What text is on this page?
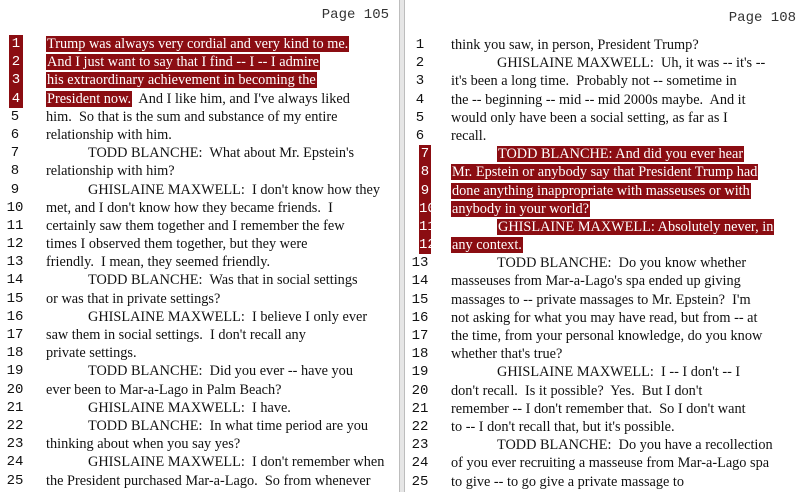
Page 105
1 Trump was always very cordial and very kind to me.
2 And I just want to say that I find -- I -- I admire
3 his extraordinary achievement in becoming the
4 President now.  And I like him, and I've always liked
5	him.  So that is the sum and substance of my entire
6	relationship with him.
7	TODD BLANCHE:  What about Mr. Epstein's
8	relationship with him?
9	GHISLAINE MAXWELL:  I don't know how they
10	met, and I don't know how they became friends.  I
11	certainly saw them together and I remember the few
12	times I observed them together, but they were
13	friendly.  I mean, they seemed friendly.
14	TODD BLANCHE:  Was that in social settings
15	or was that in private settings?
16	GHISLAINE MAXWELL:  I believe I only ever
17	saw them in social settings.  I don't recall any
18	private settings.
19	TODD BLANCHE:  Did you ever -- have you
20	ever been to Mar-a-Lago in Palm Beach?
21	GHISLAINE MAXWELL:  I have.
22	TODD BLANCHE:  In what time period are you
23	thinking about when you say yes?
24	GHISLAINE MAXWELL:  I don't remember when
25	the President purchased Mar-a-Lago.  So from whenever
Page 108
1	think you saw, in person, President Trump?
2	GHISLAINE MAXWELL:  Uh, it was -- it's --
3	it's been a long time.  Probably not -- sometime in
4	the -- beginning -- mid -- mid 2000s maybe.  And it
5	would only have been a social setting, as far as I
6	recall.
7	TODD BLANCHE: And did you ever hear
8 Mr. Epstein or anybody say that President Trump had
9 done anything inappropriate with masseuses or with
10 anybody in your world?
11	GHISLAINE MAXWELL: Absolutely never, in
12 any context.
13	TODD BLANCHE:  Do you know whether
14	masseuses from Mar-a-Lago's spa ended up giving
15	massages to -- private massages to Mr. Epstein?  I'm
16	not asking for what you may have read, but from -- at
17	the time, from your personal knowledge, do you know
18	whether that's true?
19	GHISLAINE MAXWELL:  I -- I don't -- I
20	don't recall.  Is it possible?  Yes.  But I don't
21	remember -- I don't remember that.  So I don't want
22	to -- I don't recall that, but it's possible.
23	TODD BLANCHE:  Do you have a recollection
24	of you ever recruiting a masseuse from Mar-a-Lago spa
25	to give -- to go give a private massage to
